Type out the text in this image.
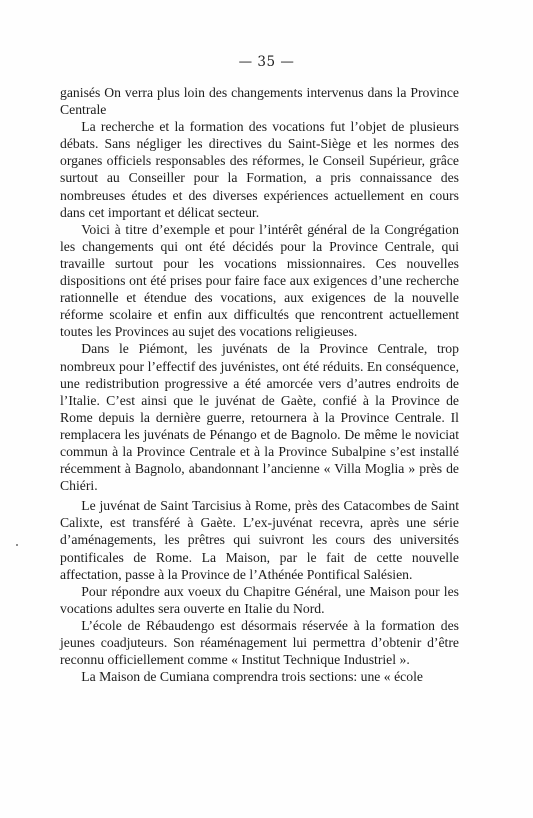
— 35 —

ganisés On verra plus loin des changements intervenus dans la Province Centrale

La recherche et la formation des vocations fut l’objet de plusieurs débats. Sans négliger les directives du Saint-Siège et les normes des organes officiels responsables des réformes, le Conseil Supérieur, grâce surtout au Conseiller pour la Formation, a pris connaissance des nombreuses études et des diverses expériences actuellement en cours dans cet important et délicat secteur.

Voici à titre d’exemple et pour l’intérêt général de la Congrégation les changements qui ont été décidés pour la Province Centrale, qui travaille surtout pour les vocations missionnaires. Ces nouvelles dispositions ont été prises pour faire face aux exigences d’une recherche rationnelle et étendue des vocations, aux exigences de la nouvelle réforme scolaire et enfin aux difficultés que rencontrent actuellement toutes les Provinces au sujet des vocations religieuses.

Dans le Piémont, les juvénats de la Province Centrale, trop nombreux pour l’effectif des juvénistes, ont été réduits. En conséquence, une redistribution progressive a été amorcée vers d’autres endroits de l’Italie. C’est ainsi que le juvénat de Gaète, confié à la Province de Rome depuis la dernière guerre, retournera à la Province Centrale. Il remplacera les juvénats de Pénango et de Bagnolo. De même le noviciat commun à la Province Centrale et à la Province Subalpine s’est installé récemment à Bagnolo, abandonnant l’ancienne « Villa Moglia » près de Chiéri.

Le juvénat de Saint Tarcisius à Rome, près des Catacombes de Saint Calixte, est transféré à Gaète. L’ex-juvénat recevra, après une série d’aménagements, les prêtres qui suivront les cours des universités pontificales de Rome. La Maison, par le fait de cette nouvelle affectation, passe à la Province de l’Athénée Pontifical Salésien.

Pour répondre aux voeux du Chapitre Général, une Maison pour les vocations adultes sera ouverte en Italie du Nord.

L’école de Rébaudengo est désormais réservée à la formation des jeunes coadjuteurs. Son réaménagement lui permettra d’obtenir d’être reconnu officiellement comme « Institut Technique Industriel ».

La Maison de Cumiana comprendra trois sections: une « école
